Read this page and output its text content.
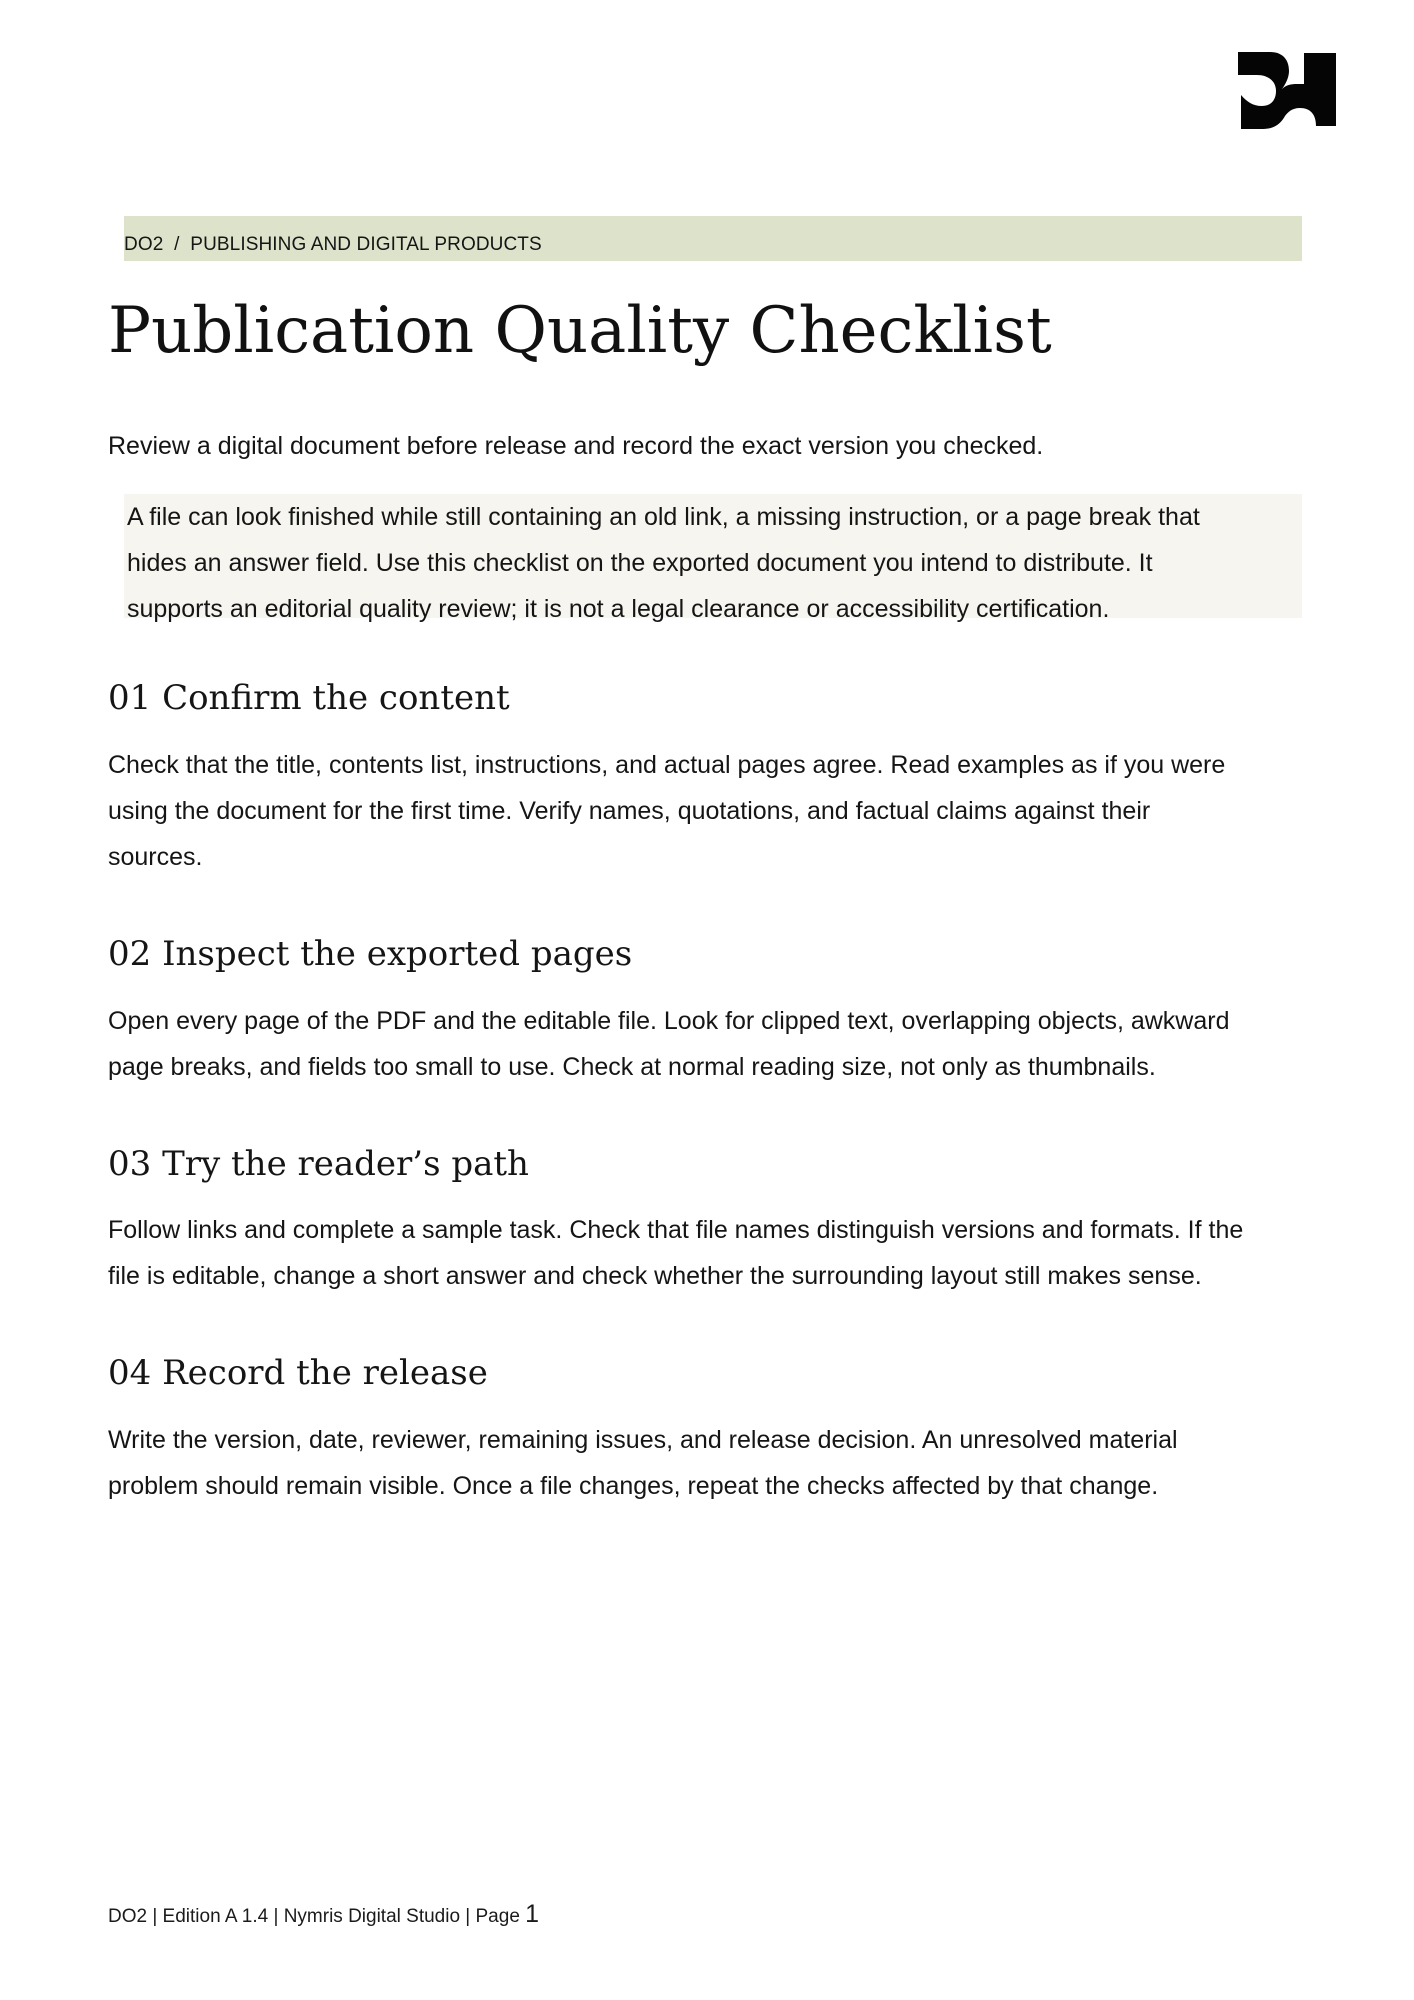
DO2 / PUBLISHING AND DIGITAL PRODUCTS
Publication Quality Checklist

Review a digital document before release and record the exact version you checked.

A file can look finished while still containing an old link, a missing instruction, or a page break that
hides an answer field. Use this checklist on the exported document you intend to distribute. It
supports an editorial quality review; it is not a legal clearance or accessibility certification.
01 Confirm the content

Check that the title, contents list, instructions, and actual pages agree. Read examples as if you were
using the document for the first time. Verify names, quotations, and factual claims against their
sources.

02 Inspect the exported pages

Open every page of the PDF and the editable file. Look for clipped text, overlapping objects, awkward
page breaks, and fields too small to use. Check at normal reading size, not only as thumbnails.

03 Try the reader’s path

Follow links and complete a sample task. Check that file names distinguish versions and formats. If the
file is editable, change a short answer and check whether the surrounding layout still makes sense.

04 Record the release

Write the version, date, reviewer, remaining issues, and release decision. An unresolved material
problem should remain visible. Once a file changes, repeat the checks affected by that change.

DO2 | Edition A 1.4 | Nymris Digital Studio | Page 1
